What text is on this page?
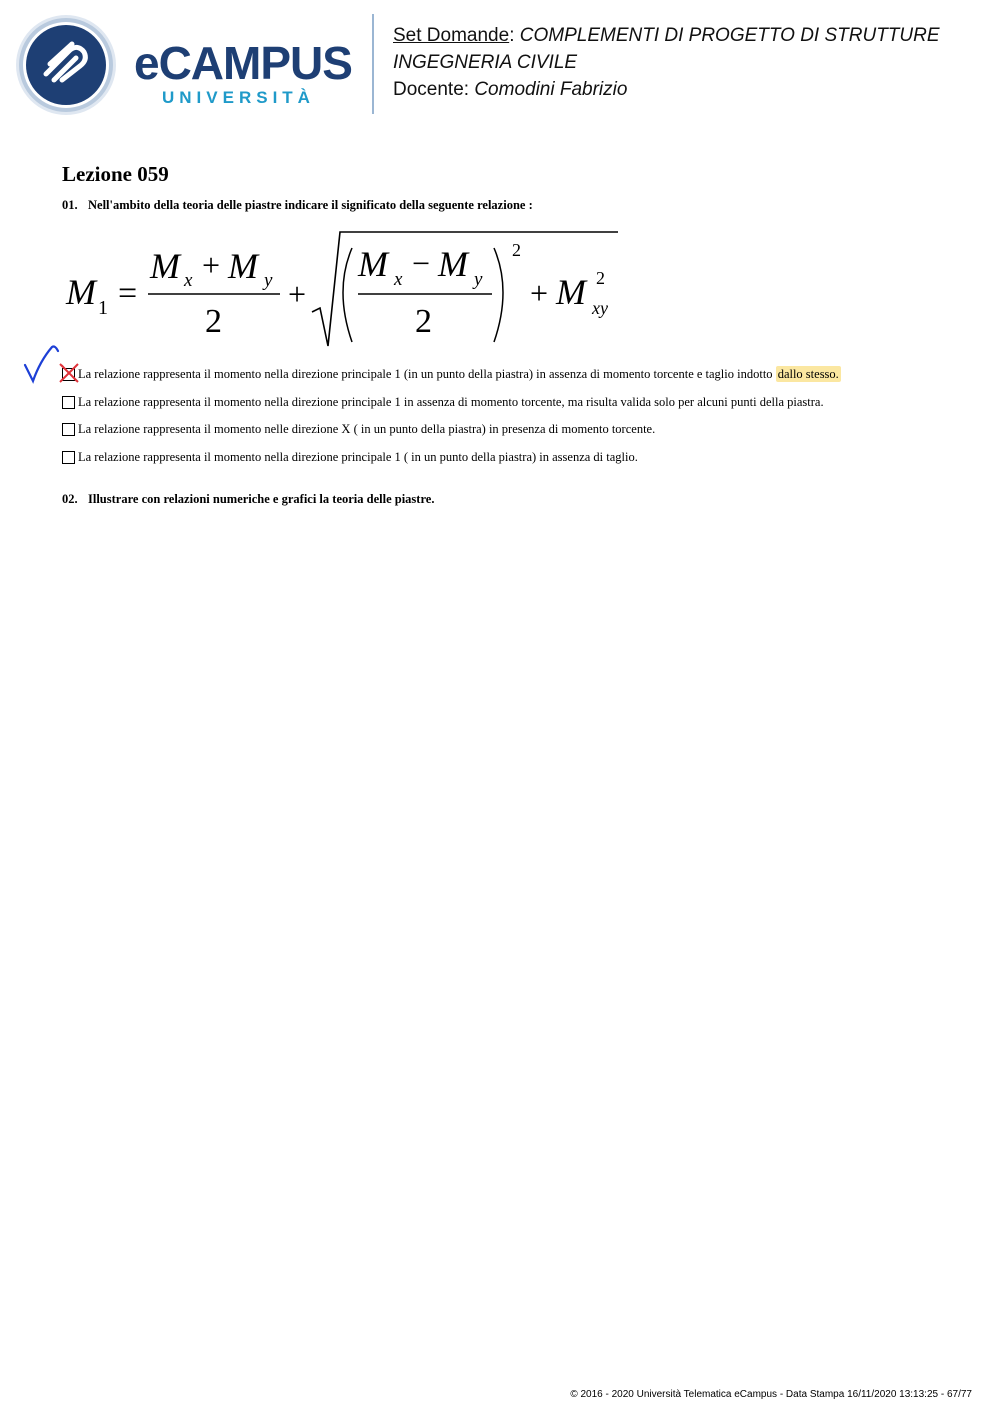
eCAMPUS
UNIVERSITÀ
Set Domande: COMPLEMENTI DI PROGETTO DI STRUTTURE
INGEGNERIA CIVILE
Docente: Comodini Fabrizio
Lezione 059
01. Nell'ambito della teoria delle piastre indicare il significato della seguente relazione :
M 1 =
M x + M y
2
+
M x − M y
2
2
+ M 2
xy
La relazione rappresenta il momento nella direzione principale 1 (in un punto della piastra) in assenza di momento torcente e taglio indotto dallo stesso.
La relazione rappresenta il momento nella direzione principale 1 in assenza di momento torcente, ma risulta valida solo per alcuni punti della piastra.
La relazione rappresenta il momento nelle direzione X ( in un punto della piastra) in presenza di momento torcente.
La relazione rappresenta il momento nella direzione principale 1 ( in un punto della piastra) in assenza di taglio.
02. Illustrare con relazioni numeriche e grafici la teoria delle piastre.
© 2016 - 2020 Università Telematica eCampus - Data Stampa 16/11/2020 13:13:25 - 67/77
